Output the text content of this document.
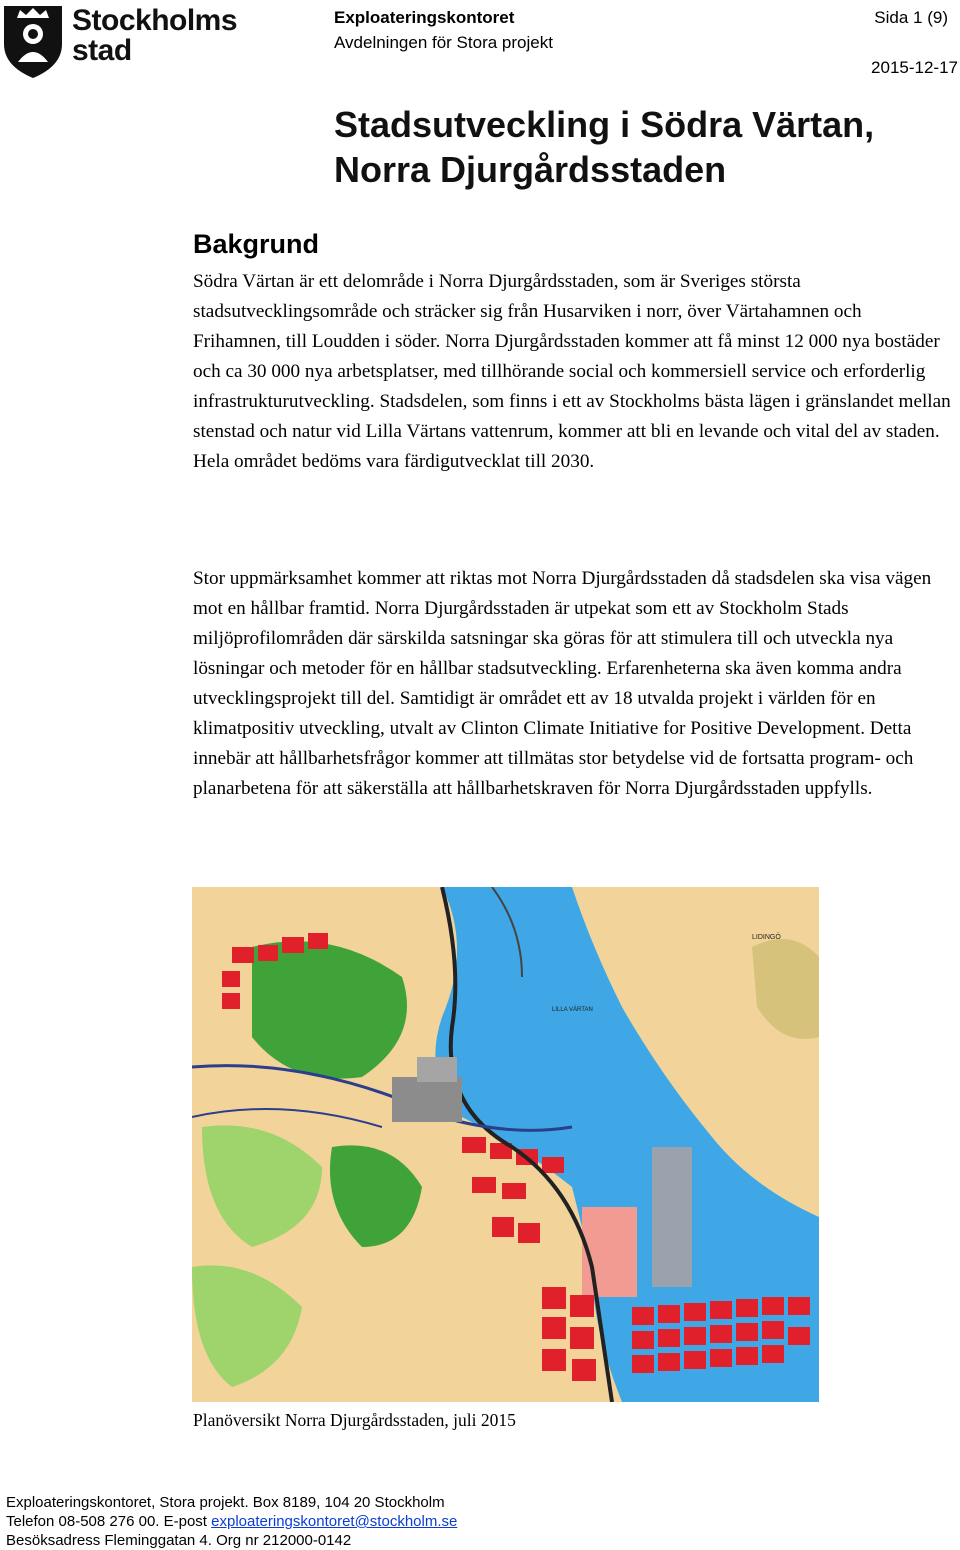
Stockholms
stad
Exploateringskontoret
Avdelningen för Stora projekt
Sida 1 (9)
2015-12-17
Stadsutveckling i Södra Värtan,
Norra Djurgårdsstaden
Bakgrund

Södra Värtan är ett delområde i Norra Djurgårdsstaden, som är Sveriges största stadsutvecklingsområde och sträcker sig från Husarviken i norr, över Värtahamnen och Frihamnen, till Loudden i söder. Norra Djurgårdsstaden kommer att få minst 12 000 nya bostäder och ca 30 000 nya arbetsplatser, med tillhörande social och kommersiell service och erforderlig infrastrukturutveckling. Stadsdelen, som finns i ett av Stockholms bästa lägen i gränslandet mellan stenstad och natur vid Lilla Värtans vattenrum, kommer att bli en levande och vital del av staden. Hela området bedöms vara färdigutvecklat till 2030.

Stor uppmärksamhet kommer att riktas mot Norra Djurgårdsstaden då stadsdelen ska visa vägen mot en hållbar framtid. Norra Djurgårdsstaden är utpekat som ett av Stockholm Stads miljöprofilområden där särskilda satsningar ska göras för att stimulera till och utveckla nya lösningar och metoder för en hållbar stadsutveckling. Erfarenheterna ska även komma andra utvecklingsprojekt till del. Samtidigt är området ett av 18 utvalda projekt i världen för en klimatpositiv utveckling, utvalt av Clinton Climate Initiative for Positive Development. Detta innebär att hållbarhetsfrågor kommer att tillmätas stor betydelse vid de fortsatta program- och planarbetena för att säkerställa att hållbarhetskraven för Norra Djurgårdsstaden uppfylls.

LIDINGÖ
LILLA VÄRTAN

Planöversikt Norra Djurgårdsstaden, juli 2015

Exploateringskontoret, Stora projekt. Box 8189, 104 20 Stockholm
Telefon 08-508 276 00. E-post exploateringskontoret@stockholm.se
Besöksadress Fleminggatan 4. Org nr 212000-0142
